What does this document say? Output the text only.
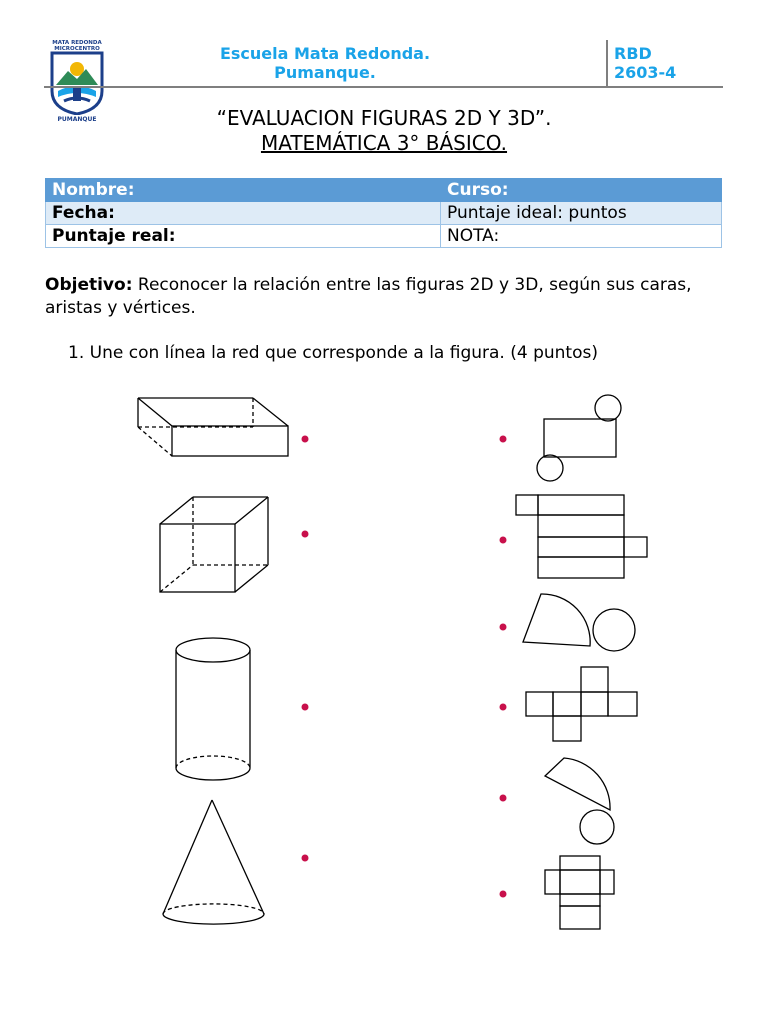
MATA REDONDA
MICROCENTRO
PUMANQUE
Escuela Mata Redonda.
Pumanque.
RBD
2603-4
“EVALUACION FIGURAS 2D Y 3D”.
MATEMÁTICA 3° BÁSICO.
Nombre:	Curso:
Fecha:	Puntaje ideal: puntos
Puntaje real:	NOTA:
Objetivo: Reconocer la relación entre las figuras 2D y 3D, según sus caras, aristas y vértices.
1. Une con línea la red que corresponde a la figura. (4 puntos)
